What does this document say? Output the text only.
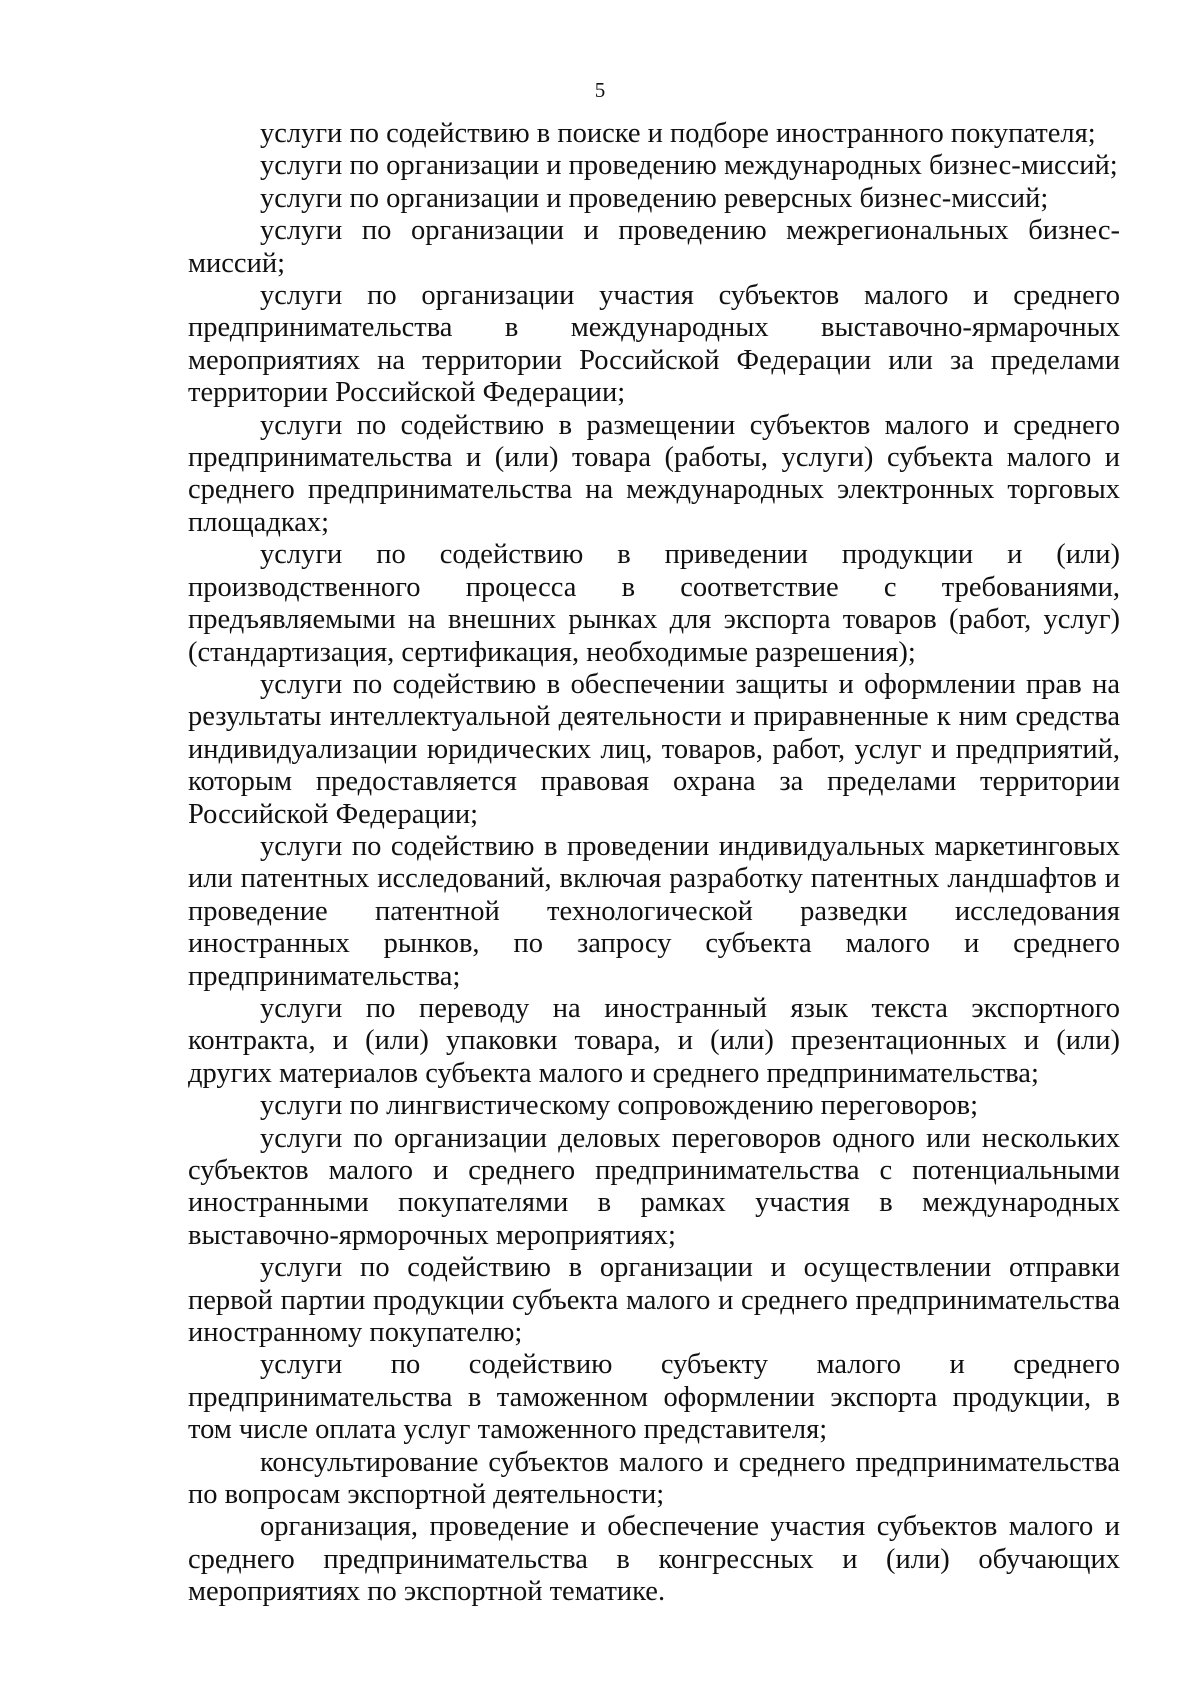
5

услуги по содействию в поиске и подборе иностранного покупателя;

услуги по организации и проведению международных бизнес-миссий;

услуги по организации и проведению реверсных бизнес-миссий;

услуги по организации и проведению межрегиональных бизнес-миссий;

услуги по организации участия субъектов малого и среднего предпринимательства в международных выставочно-ярмарочных мероприятиях на территории Российской Федерации или за пределами территории Российской Федерации;

услуги по содействию в размещении субъектов малого и среднего предпринимательства и (или) товара (работы, услуги) субъекта малого и среднего предпринимательства на международных электронных торговых площадках;

услуги по содействию в приведении продукции и (или) производственного процесса в соответствие с требованиями, предъявляемыми на внешних рынках для экспорта товаров (работ, услуг) (стандартизация, сертификация, необходимые разрешения);

услуги по содействию в обеспечении защиты и оформлении прав на результаты интеллектуальной деятельности и приравненные к ним средства индивидуализации юридических лиц, товаров, работ, услуг и предприятий, которым предоставляется правовая охрана за пределами территории Российской Федерации;

услуги по содействию в проведении индивидуальных маркетинговых или патентных исследований, включая разработку патентных ландшафтов и проведение патентной технологической разведки исследования иностранных рынков, по запросу субъекта малого и среднего предпринимательства;

услуги по переводу на иностранный язык текста экспортного контракта, и (или) упаковки товара, и (или) презентационных и (или) других материалов субъекта малого и среднего предпринимательства;

услуги по лингвистическому сопровождению переговоров;

услуги по организации деловых переговоров одного или нескольких субъектов малого и среднего предпринимательства с потенциальными иностранными покупателями в рамках участия в международных выставочно-ярморочных мероприятиях;

услуги по содействию в организации и осуществлении отправки первой партии продукции субъекта малого и среднего предпринимательства иностранному покупателю;

услуги по содействию субъекту малого и среднего предпринимательства в таможенном оформлении экспорта продукции, в том числе оплата услуг таможенного представителя;

консультирование субъектов малого и среднего предпринимательства по вопросам экспортной деятельности;

организация, проведение и обеспечение участия субъектов малого и среднего предпринимательства в конгрессных и (или) обучающих мероприятиях по экспортной тематике.
